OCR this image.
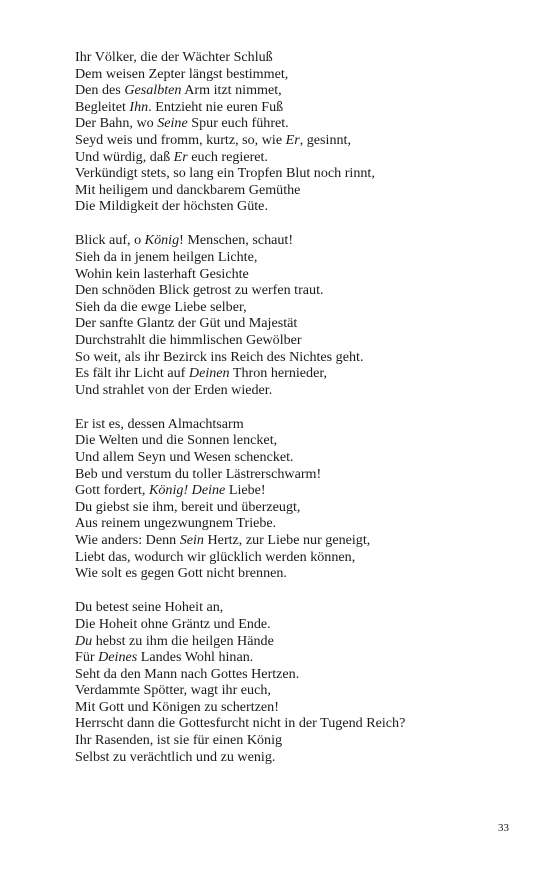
Ihr Völker, die der Wächter Schluß
Dem weisen Zepter längst bestimmet,
Den des Gesalbten Arm itzt nimmet,
Begleitet Ihn. Entzieht nie euren Fuß
Der Bahn, wo Seine Spur euch führet.
Seyd weis und fromm, kurtz, so, wie Er, gesinnt,
Und würdig, daß Er euch regieret.
Verkündigt stets, so lang ein Tropfen Blut noch rinnt,
Mit heiligem und danckbarem Gemüthe
Die Mildigkeit der höchsten Güte.
Blick auf, o König! Menschen, schaut!
Sieh da in jenem heilgen Lichte,
Wohin kein lasterhaft Gesichte
Den schnöden Blick getrost zu werfen traut.
Sieh da die ewge Liebe selber,
Der sanfte Glantz der Güt und Majestät
Durchstrahlt die himmlischen Gewölber
So weit, als ihr Bezirck ins Reich des Nichtes geht.
Es fält ihr Licht auf Deinen Thron hernieder,
Und strahlet von der Erden wieder.
Er ist es, dessen Almachtsarm
Die Welten und die Sonnen lencket,
Und allem Seyn und Wesen schencket.
Beb und verstum du toller Lästrerschwarm!
Gott fordert, König! Deine Liebe!
Du giebst sie ihm, bereit und überzeugt,
Aus reinem ungezwungnem Triebe.
Wie anders: Denn Sein Hertz, zur Liebe nur geneigt,
Liebt das, wodurch wir glücklich werden können,
Wie solt es gegen Gott nicht brennen.
Du betest seine Hoheit an,
Die Hoheit ohne Gräntz und Ende.
Du hebst zu ihm die heilgen Hände
Für Deines Landes Wohl hinan.
Seht da den Mann nach Gottes Hertzen.
Verdammte Spötter, wagt ihr euch,
Mit Gott und Königen zu schertzen!
Herrscht dann die Gottesfurcht nicht in der Tugend Reich?
Ihr Rasenden, ist sie für einen König
Selbst zu verächtlich und zu wenig.
33
